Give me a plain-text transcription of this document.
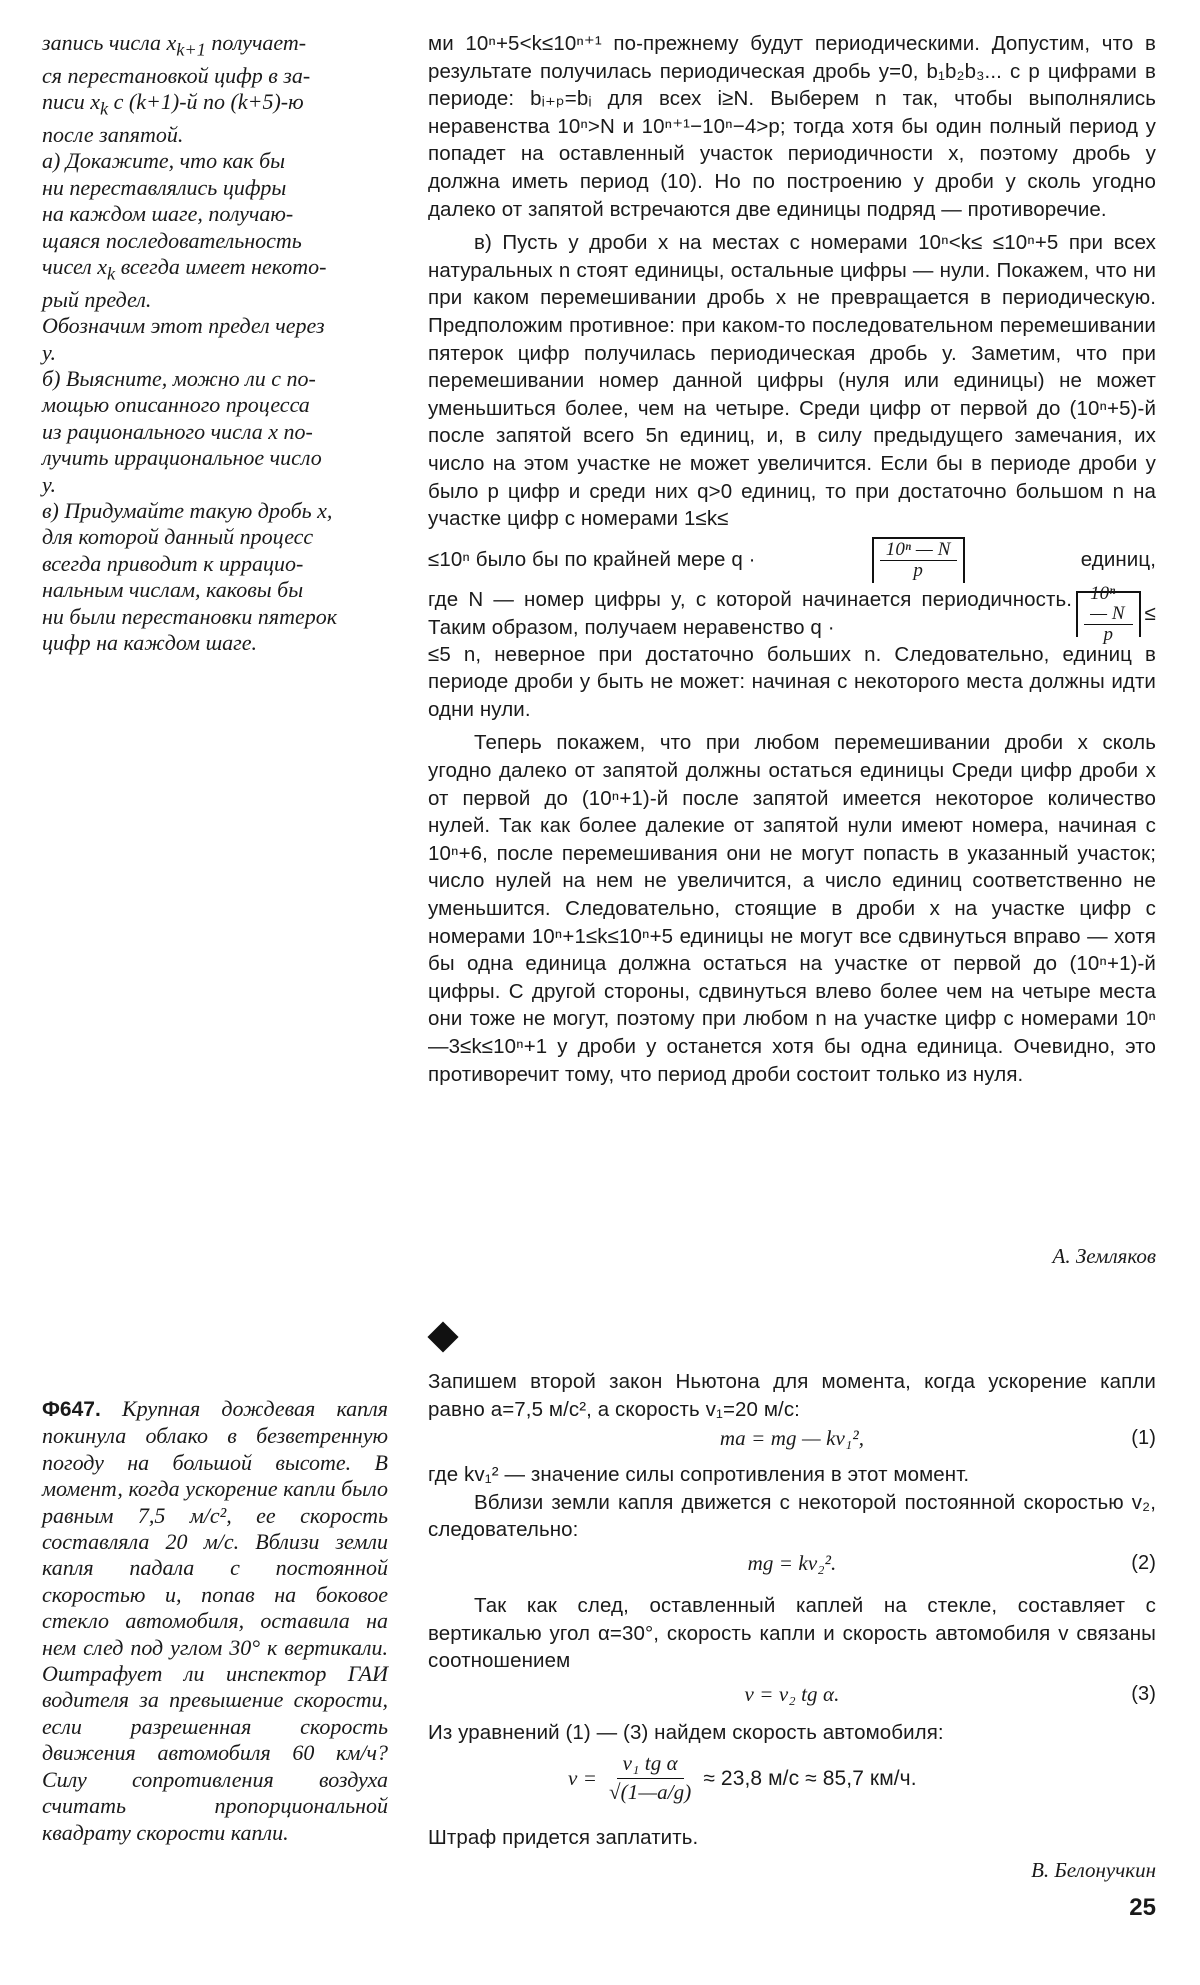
запись числа $x_{k+1}$ получает-

ся перестановкой цифр в за-

писи $x_k$ с (k+1)-й по (k+5)-ю

после запятой.

а) Докажите, что как бы

ни переставлялись цифры

на каждом шаге, получаю-

щаяся последовательность

чисел $x_k$ всегда имеет некото-

рый предел.

Обозначим этот предел через

y.

б) Выясните, можно ли с по-

мощью описанного процесса

из рационального числа x по-

лучить иррациональное число

y.

в) Придумайте такую дробь x,

для которой данный процесс

всегда приводит к иррацио-

нальным числам, каковы бы

ни были перестановки пятерок

цифр на каждом шаге.

ми 10ⁿ+5<k≤10ⁿ⁺¹ по-прежнему будут периодическими. Допустим, что в результате получилась периодическая дробь y=0, b₁b₂b₃... с p цифрами в периоде: bᵢ₊ₚ=bᵢ для всех i≥N. Выберем n так, чтобы выполнялись неравенства 10ⁿ>N и 10ⁿ⁺¹−10ⁿ−4>p; тогда хотя бы один полный период y попадет на оставленный участок периодичности x, поэтому дробь y должна иметь период (10). Но по построению у дроби y сколь угодно далеко от запятой встречаются две единицы подряд — противоречие.

в) Пусть у дроби x на местах с номерами 10ⁿ<k≤ ≤10ⁿ+5 при всех натуральных n стоят единицы, остальные цифры — нули. Покажем, что ни при каком перемешивании дробь x не превращается в периодическую. Предположим противное: при каком-то последовательном перемешивании пятерок цифр получилась периодическая дробь y. Заметим, что при перемешивании номер данной цифры (нуля или единицы) не может уменьшиться более, чем на четыре. Среди цифр от первой до (10ⁿ+5)-й после запятой всего 5n единиц, и, в силу предыдущего замечания, их число на этом участке не может увеличится. Если бы в периоде дроби y было p цифр и среди них q>0 единиц, то при достаточно большом n на участке цифр с номерами 1≤k≤

≤10ⁿ было бы по крайней мере q ·	$\frac{\text{10ⁿ — N}}{p}$	единиц,
где N — номер цифры y, с которой начинается периодичность. Таким образом, получаем неравенство q ·	$\frac{\text{10ⁿ — N}}{p}$ ≤

≤5 n, неверное при достаточно больших n. Следовательно, единиц в периоде дроби y быть не может: начиная с некоторого места должны идти одни нули.

Теперь покажем, что при любом перемешивании дроби x сколь угодно далеко от запятой должны остаться единицы Среди цифр дроби x от первой до (10ⁿ+1)-й после запятой имеется некоторое количество нулей. Так как более далекие от запятой нули имеют номера, начиная с 10ⁿ+6, после перемешивания они не могут попасть в указанный участок; число нулей на нем не увеличится, а число единиц соответственно не уменьшится. Следовательно, стоящие в дроби x на участке цифр с номерами 10ⁿ+1≤k≤10ⁿ+5 единицы не могут все сдвинуться вправо — хотя бы одна единица должна остаться на участке от первой до (10ⁿ+1)-й цифры. С другой стороны, сдвинуться влево более чем на четыре места они тоже не могут, поэтому при любом n на участке цифр с номерами 10ⁿ—3≤k≤10ⁿ+1 у дроби y останется хотя бы одна единица. Очевидно, это противоречит тому, что период дроби состоит только из нуля.

А. Земляков

Ф647. Крупная дождевая капля покинула облако в безветренную погоду на большой высоте. В момент, когда ускорение капли было равным 7,5 м/с², ее скорость составляла 20 м/с. Вблизи земли капля падала с постоянной скоростью u, попав на боковое стекло автомобиля, оставила на нем след под углом 30° к вертикали. Оштрафует ли инспектор ГАИ водителя за превышение скорости, если разрешенная скорость движения автомобиля 60 км/ч? Силу сопротивления воздуха считать пропорциональной квадрату скорости капли.

Запишем второй закон Ньютона для момента, когда ускорение капли равно a=7,5 м/с², а скорость v₁=20 м/с:

ma = mg — kv₁²,	(1)

где kv₁² — значение силы сопротивления в этот момент.

Вблизи земли капля движется с некоторой постоянной скоростью v₂, следовательно:

mg = kv₂².	(2)

Так как след, оставленный каплей на стекле, составляет с вертикалью угол α=30°, скорость капли и скорость автомобиля v связаны соотношением

v = v₂ tg α.	(3)

Из уравнений (1) — (3) найдем скорость автомобиля:

$v = \frac{\text{v₁ tg α}}{√(1—a/g)} \approx 23,8$ м/с ≈ 85,7 км/ч.

Штраф придется заплатить.

В. Белонучкин
25
